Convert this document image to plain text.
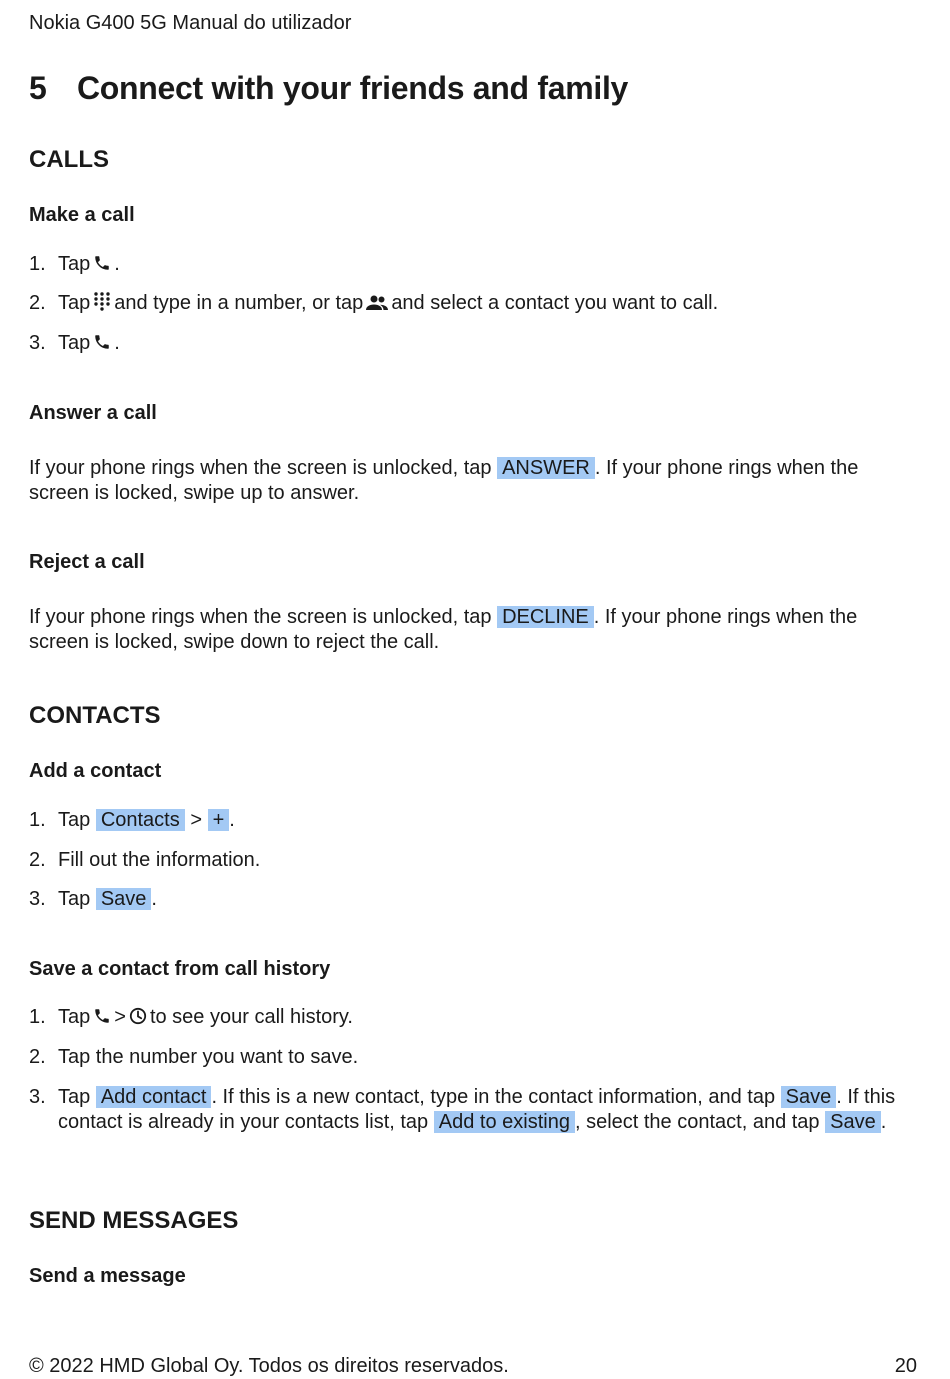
Nokia G400 5G Manual do utilizador
5 Connect with your friends and family
CALLS
Make a call
1. Tap .
2. Tap and type in a number, or tap and select a contact you want to call.
3. Tap .
Answer a call

If your phone rings when the screen is unlocked, tap ANSWER . If your phone rings when the screen is locked, swipe up to answer.

Reject a call

If your phone rings when the screen is unlocked, tap DECLINE . If your phone rings when the screen is locked, swipe down to reject the call.

CONTACTS
Add a contact
1. Tap Contacts > + .
2. Fill out the information.
3. Tap Save .
Save a contact from call history
1. Tap > to see your call history.
2. Tap the number you want to save.
3. Tap Add contact . If this is a new contact, type in the contact information, and tap Save . If this contact is already in your contacts list, tap Add to existing , select the contact, and tap Save .
SEND MESSAGES
Send a message
© 2022 HMD Global Oy. Todos os direitos reservados.	20
